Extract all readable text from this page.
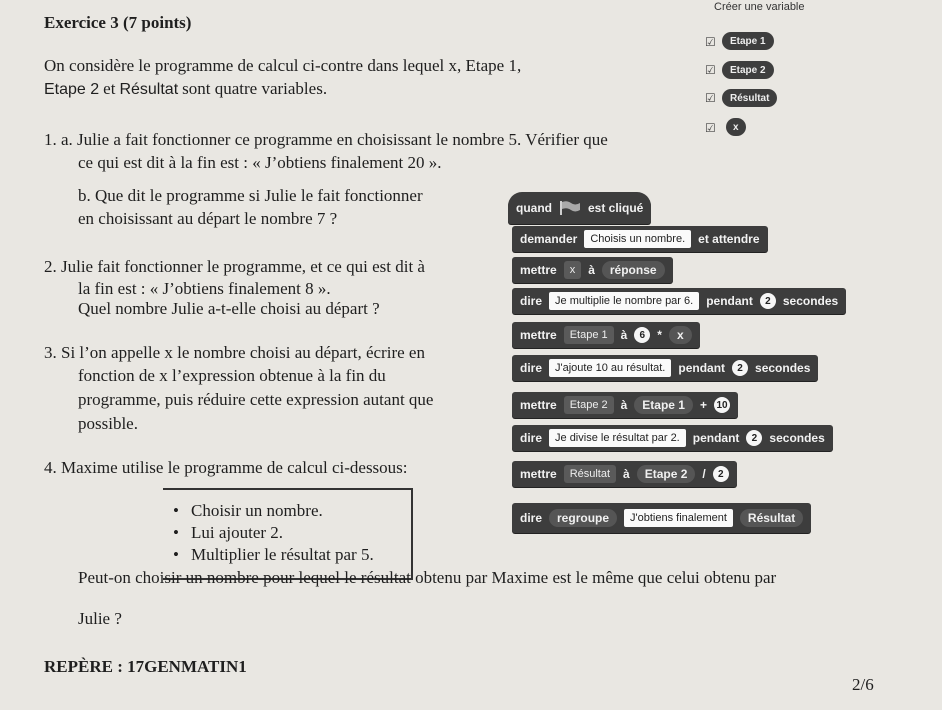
Exercice 3 (7 points)
Créer une variable
☑	Etape 1
☑	Etape 2
☑	Résultat
☑	x
On considère le programme de calcul ci-contre dans lequel x, Etape 1,
Etape 2 et Résultat sont quatre variables.
1. a. Julie a fait fonctionner ce programme en choisissant le nombre 5. Vérifier que
ce qui est dit à la fin est : « J’obtiens finalement 20 ».
b. Que dit le programme si Julie le fait fonctionner
en choisissant au départ le nombre 7 ?
2. Julie fait fonctionner le programme, et ce qui est dit à
la fin est : « J’obtiens finalement 8 ».
Quel nombre Julie a-t-elle choisi au départ ?
3. Si l’on appelle x le nombre choisi au départ, écrire en
fonction de x l’expression obtenue à la fin du
programme, puis réduire cette expression autant que
possible.
4. Maxime utilise le programme de calcul ci-dessous:
• Choisir un nombre.
• Lui ajouter 2.
• Multiplier le résultat par 5.
Peut-on choisir un nombre pour lequel le résultat obtenu par Maxime est le même que celui obtenu par
Julie ?
REPÈRE : 17GENMATIN1
2/6
quand	est cliqué
demander	Choisis un nombre.	et attendre
mettre	x	à	réponse
dire	Je multiplie le nombre par 6.	pendant	2	secondes
mettre	Etape 1	à	6	*	x
dire	J'ajoute 10 au résultat.	pendant	2	secondes
mettre	Etape 2	à	Etape 1	+ 10
dire	Je divise le résultat par 2.	pendant	2	secondes
mettre	Résultat	à	Etape 2	/	2
dire	regroupe	J'obtiens finalement	Résultat
